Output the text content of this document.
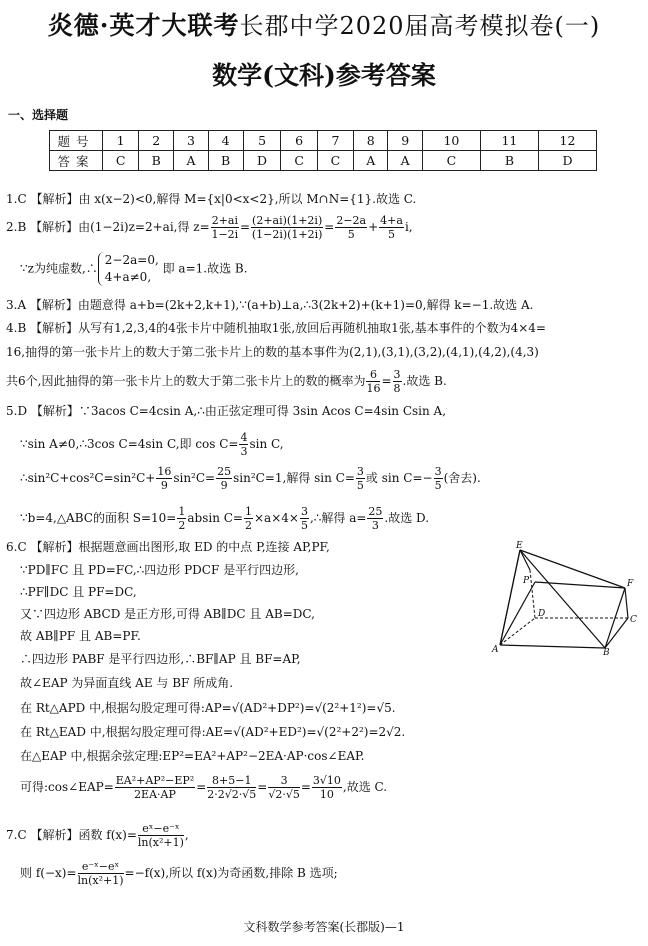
炎德·英才大联考长郡中学2020届高考模拟卷(一)
数学(文科)参考答案
一、选择题
题号	1	2	3	4	5	6	7	8	9	10	11	12
答案	C	B	A	B	D	C	C	A	A	C	B	D
1.C 【解析】由 x(x−2)<0,解得 M={x|0<x<2},所以 M∩N={1}.故选 C.
2.B 【解析】由(1−2i)z=2+ai,得 $z= \frac{2+ai}{1-2i} = \frac{(2+ai)(1+2i)}{(1-2i)(1+2i)} = \frac{2-2a}{5} + \frac{4+a}{5} i$,
∵z为纯虚数,∴
2−2a=0,
4+a≠0,
即 a=1.故选 B.
3.A 【解析】由题意得 a+b=(2k+2,k+1),∵(a+b)⊥a,∴3(2k+2)+(k+1)=0,解得 k=−1.故选 A.
4.B 【解析】从写有1,2,3,4的4张卡片中随机抽取1张,放回后再随机抽取1张,基本事件的个数为4×4=
16,抽得的第一张卡片上的数大于第二张卡片上的数的基本事件为(2,1),(3,1),(3,2),(4,1),(4,2),(4,3)
共6个,因此抽得的第一张卡片上的数大于第二张卡片上的数的概率为 $\frac{6}{16} = \frac{3}{8}$ .故选 B.
5.D 【解析】∵3acos C=4csin A,∴由正弦定理可得 3sin Acos C=4sin Csin A,
∵sin A≠0,∴3cos C=4sin C,即 $\cos C= \frac{4}{3}$ sin C,
∴sin²C+cos²C=sin²C+ $\frac{16}{9} \sin^2C= \frac{25}{9} \sin^2C=1$,解得 $\sin C= \frac{3}{5}$ 或 $\sin C=- \frac{3}{5}$ (舍去).
∵b=4,△ABC的面积 $S=10= \frac{1}{2}$ absin $C= \frac{1}{2} \times a\times 4\times \frac{3}{5}$ ,∴解得 $a= \frac{25}{3}$ .故选 D.
6.C 【解析】根据题意画出图形,取 ED 的中点 P,连接 AP,PF,
∵PD∥FC 且 PD=FC,∴四边形 PDCF 是平行四边形,
∴PF∥DC 且 PF=DC,
又∵四边形 ABCD 是正方形,可得 AB∥DC 且 AB=DC,
故 AB∥PF 且 AB=PF.
∴四边形 PABF 是平行四边形,∴BF∥AP 且 BF=AP,
故∠EAP 为异面直线 AE 与 BF 所成角.
在 Rt△APD 中,根据勾股定理可得:AP=√(AD²+DP²)=√(2²+1²)=√5.
在 Rt△EAD 中,根据勾股定理可得:AE=√(AD²+ED²)=√(2²+2²)=2√2.
在△EAP 中,根据余弦定理:EP²=EA²+AP²−2EA·AP·cos∠EAP.
可得:cos∠EAP= $\frac{\text{EA²+AP²−EP²}}{2EA\cdot AP} = \frac{8+5-1}{2\cdot 2√2\cdot√5} = \frac{3}{√2\cdot√5} = \frac{3√10}{10}$ ,故选 C.
7.C 【解析】函数 $f(x)= \frac{\text{eˣ−e⁻ˣ}}{\text{ln(x²+1)}}$ ,
则 $f(-x)= \frac{\text{e⁻ˣ−eˣ}}{\text{ln(x²+1)}} =-f(x)$,所以 f(x)为奇函数,排除 B 选项;
E
P	F
D
C
A	B
文科数学参考答案(长郡版)—1
